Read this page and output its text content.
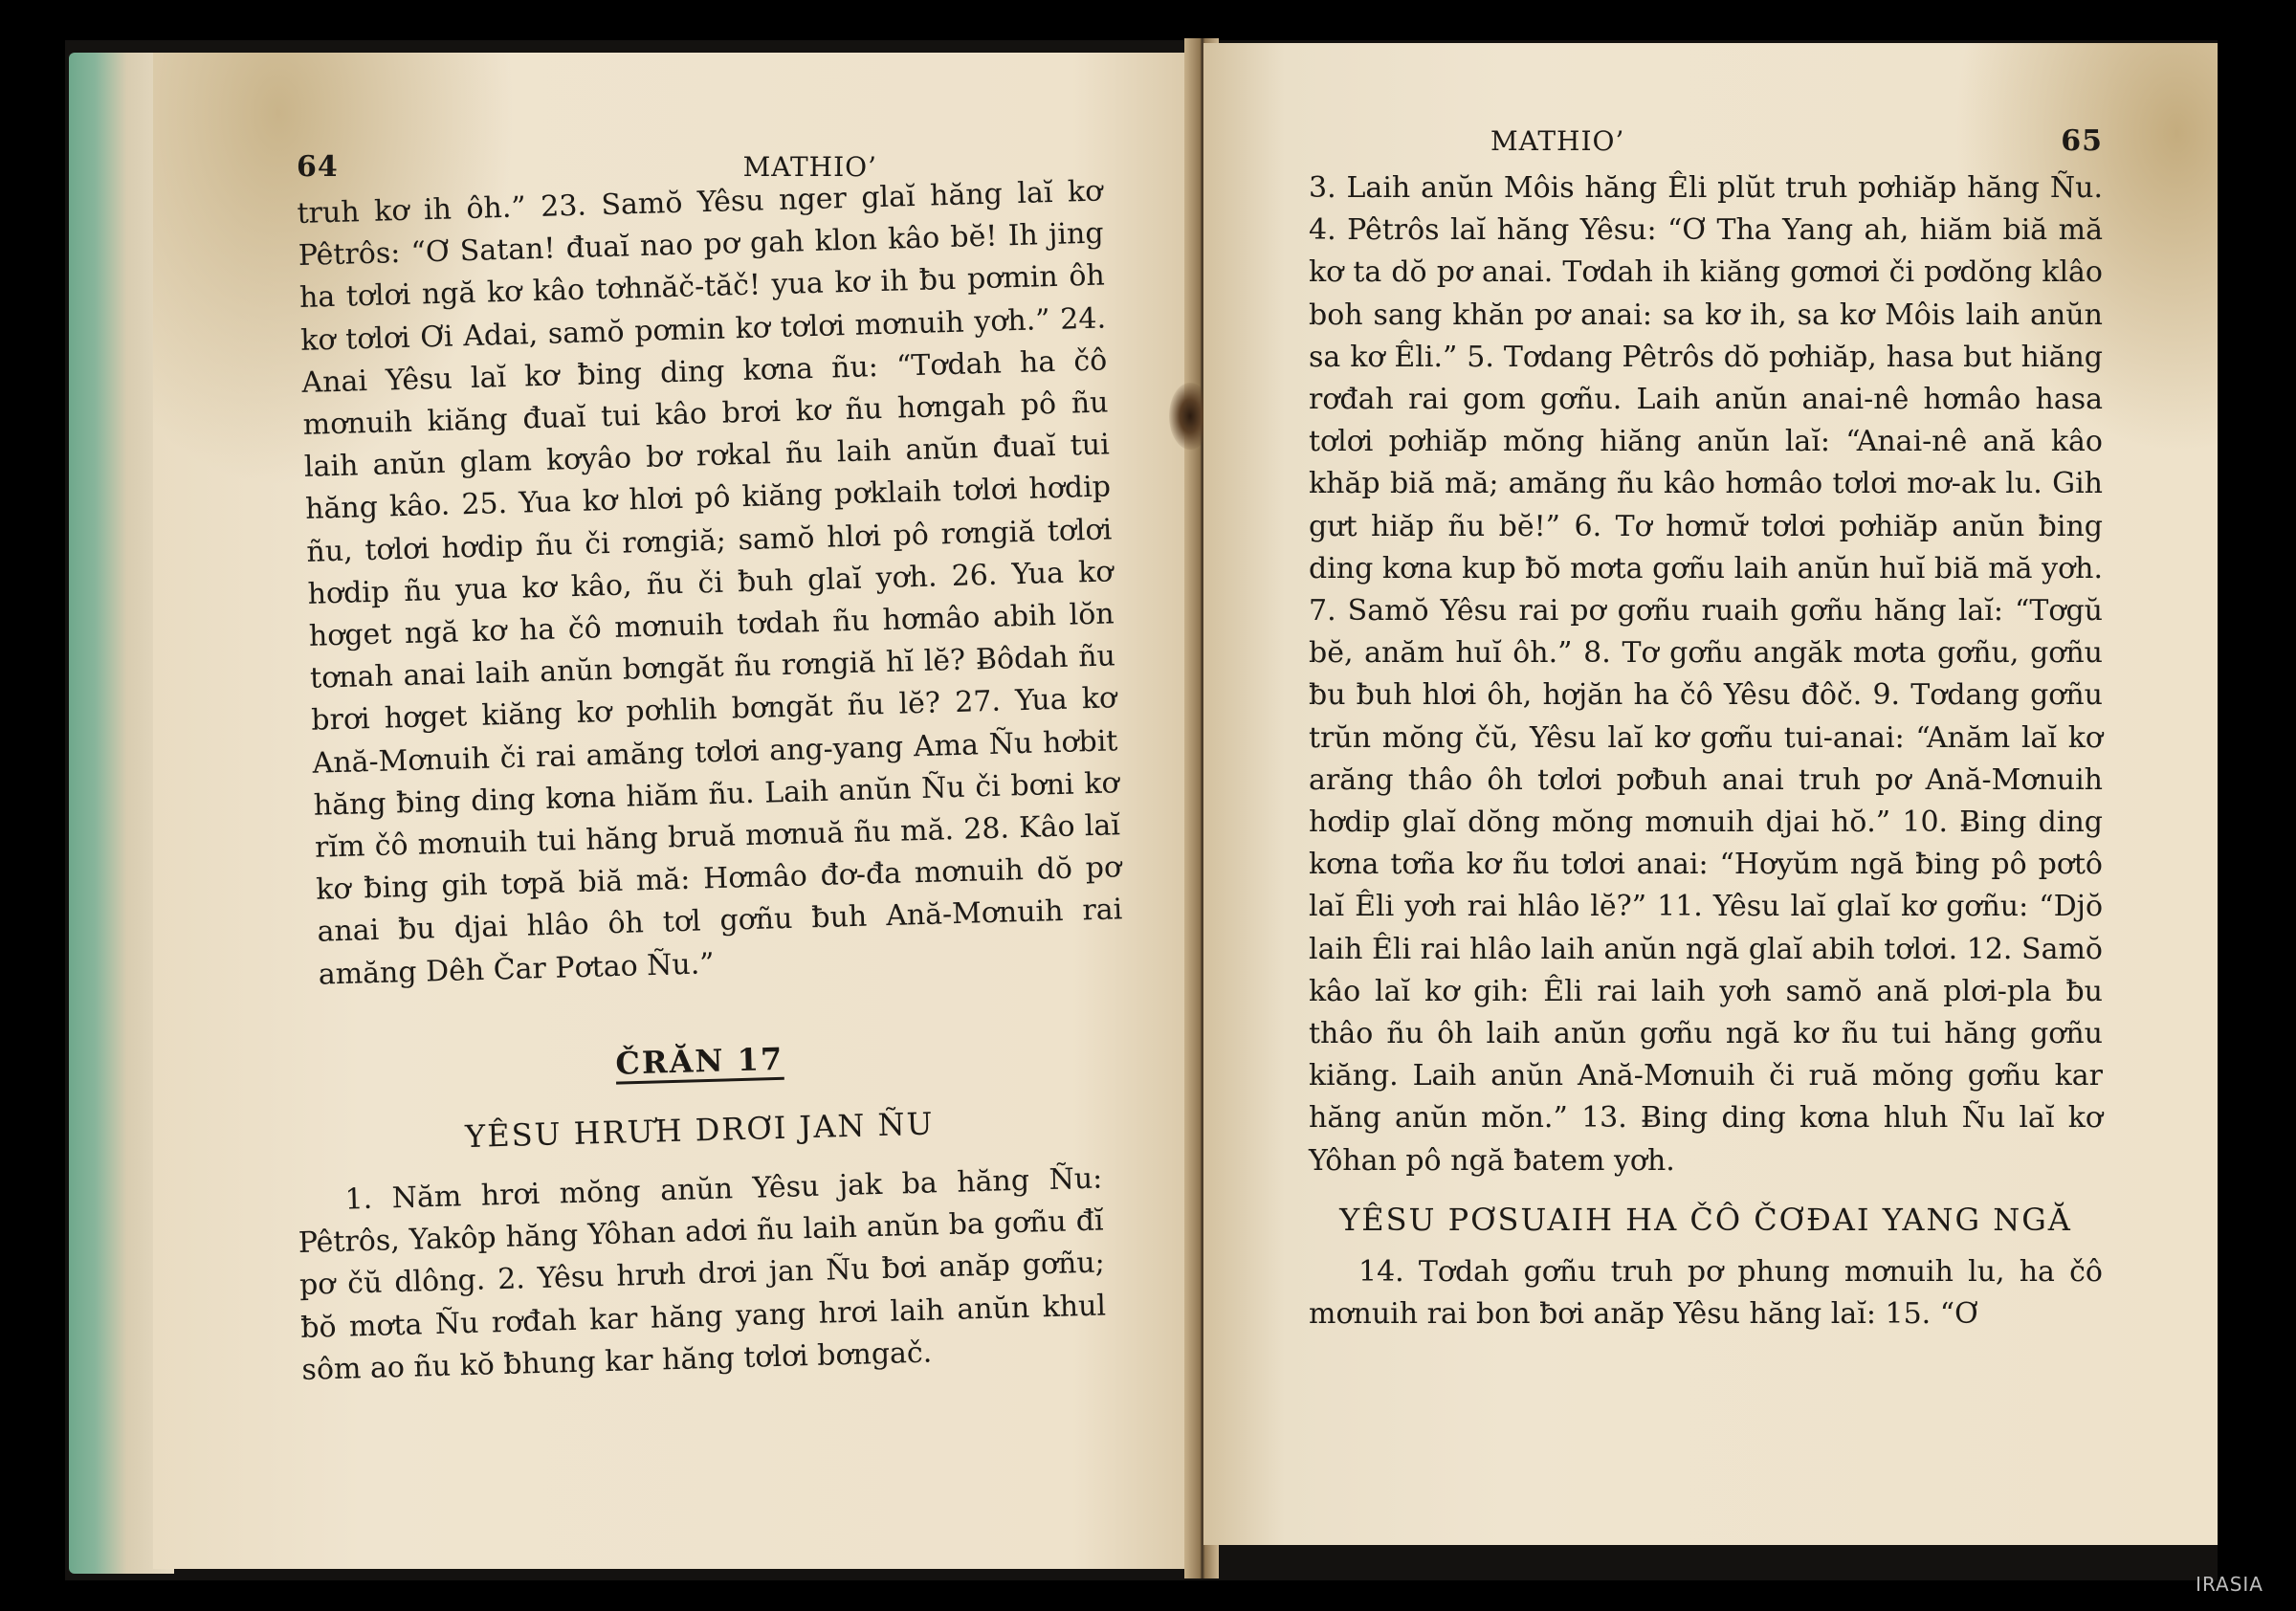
64	MATHIO’

truh kơ ih ôh.” 23. Samŏ Yêsu nger glaĭ hăng laĭ kơ Pêtrôs: “Ơ Satan! đuaĭ nao pơ gah klon kâo bĕ! Ih jing ha tơlơi ngă kơ kâo tơhnăč-tăč! yua kơ ih ƀu pơmin ôh kơ tơlơi Ơi Adai, samŏ pơmin kơ tơlơi mơnuih yơh.” 24. Anai Yêsu laĭ kơ ƀing ding kơna ñu: “Tơdah ha čô mơnuih kiăng đuaĭ tui kâo brơi kơ ñu hơngah pô ñu laih anŭn glam kơyâo bơ rơkal ñu laih anŭn đuaĭ tui hăng kâo. 25. Yua kơ hlơi pô kiăng pơklaih tơlơi hơdip ñu, tơlơi hơdip ñu či rơngiă; samŏ hlơi pô rơngiă tơlơi hơdip ñu yua kơ kâo, ñu či ƀuh glaĭ yơh. 26. Yua kơ hơget ngă kơ ha čô mơnuih tơdah ñu hơmâo abih lŏn tơnah anai laih anŭn bơngăt ñu rơngiă hĭ lĕ? Ƀôdah ñu brơi hơget kiăng kơ pơhlih bơngăt ñu lĕ? 27. Yua kơ Ană-Mơnuih či rai amăng tơlơi ang-yang Ama Ñu hơbit hăng ƀing ding kơna hiăm ñu. Laih anŭn Ñu či bơni kơ rĭm čô mơnuih tui hăng bruă mơnuă ñu mă. 28. Kâo laĭ kơ ƀing gih tơpă biă mă: Hơmâo đơ-đa mơnuih dŏ pơ anai ƀu djai hlâo ôh tơl gơñu ƀuh Ană-Mơnuih rai amăng Dêh Čar Pơtao Ñu.”

ČRĂN 17
YÊSU HRƯH DRƠI JAN ÑU

1. Năm hrơi mŏng anŭn Yêsu jak ba hăng Ñu: Pêtrôs, Yakôp hăng Yôhan adơi ñu laih anŭn ba gơñu đĭ pơ čŭ dlông. 2. Yêsu hrưh drơi jan Ñu ƀơi anăp gơñu; ƀŏ mơta Ñu rơđah kar hăng yang hrơi laih anŭn khul sôm ao ñu kŏ ƀhung kar hăng tơlơi bơngač.

MATHIO’	65

3. Laih anŭn Môis hăng Êli plŭt truh pơhiăp hăng Ñu. 4. Pêtrôs laĭ hăng Yêsu: “Ơ Tha Yang ah, hiăm biă mă kơ ta dŏ pơ anai. Tơdah ih kiăng gơmơi či pơdŏng klâo boh sang khăn pơ anai: sa kơ ih, sa kơ Môis laih anŭn sa kơ Êli.” 5. Tơdang Pêtrôs dŏ pơhiăp, hasa but hiăng rơđah rai gom gơñu. Laih anŭn anai-nê hơmâo hasa tơlơi pơhiăp mŏng hiăng anŭn laĭ: “Anai-nê ană kâo khăp biă mă; amăng ñu kâo hơmâo tơlơi mơ-ak lu. Gih gưt hiăp ñu bĕ!” 6. Tơ hơmư̆ tơlơi pơhiăp anŭn ƀing ding kơna kup ƀŏ mơta gơñu laih anŭn huĭ biă mă yơh. 7. Samŏ Yêsu rai pơ gơñu ruaih gơñu hăng laĭ: “Tơgŭ bĕ, anăm huĭ ôh.” 8. Tơ gơñu angăk mơta gơñu, gơñu ƀu ƀuh hlơi ôh, hơjăn ha čô Yêsu đôč. 9. Tơdang gơñu trŭn mŏng čŭ, Yêsu laĭ kơ gơñu tui-anai: “Anăm laĭ kơ arăng thâo ôh tơlơi pơƀuh anai truh pơ Ană-Mơnuih hơdip glaĭ dŏng mŏng mơnuih djai hŏ.” 10. Ƀing ding kơna tơña kơ ñu tơlơi anai: “Hơyŭm ngă ƀing pô pơtô laĭ Êli yơh rai hlâo lĕ?” 11. Yêsu laĭ glaĭ kơ gơñu: “Djŏ laih Êli rai hlâo laih anŭn ngă glaĭ abih tơlơi. 12. Samŏ kâo laĭ kơ gih: Êli rai laih yơh samŏ ană plơi-pla ƀu thâo ñu ôh laih anŭn gơñu ngă kơ ñu tui hăng gơñu kiăng. Laih anŭn Ană-Mơnuih či ruă mŏng gơñu kar hăng anŭn mŏn.” 13. Ƀing ding kơna hluh Ñu laĭ kơ Yôhan pô ngă ƀatem yơh.

YÊSU PƠSUAIH HA ČÔ ČƠĐAI YANG NGĂ

14. Tơdah gơñu truh pơ phung mơnuih lu, ha čô mơnuih rai bon ƀơi anăp Yêsu hăng laĭ: 15. “Ơ

IRASIA
